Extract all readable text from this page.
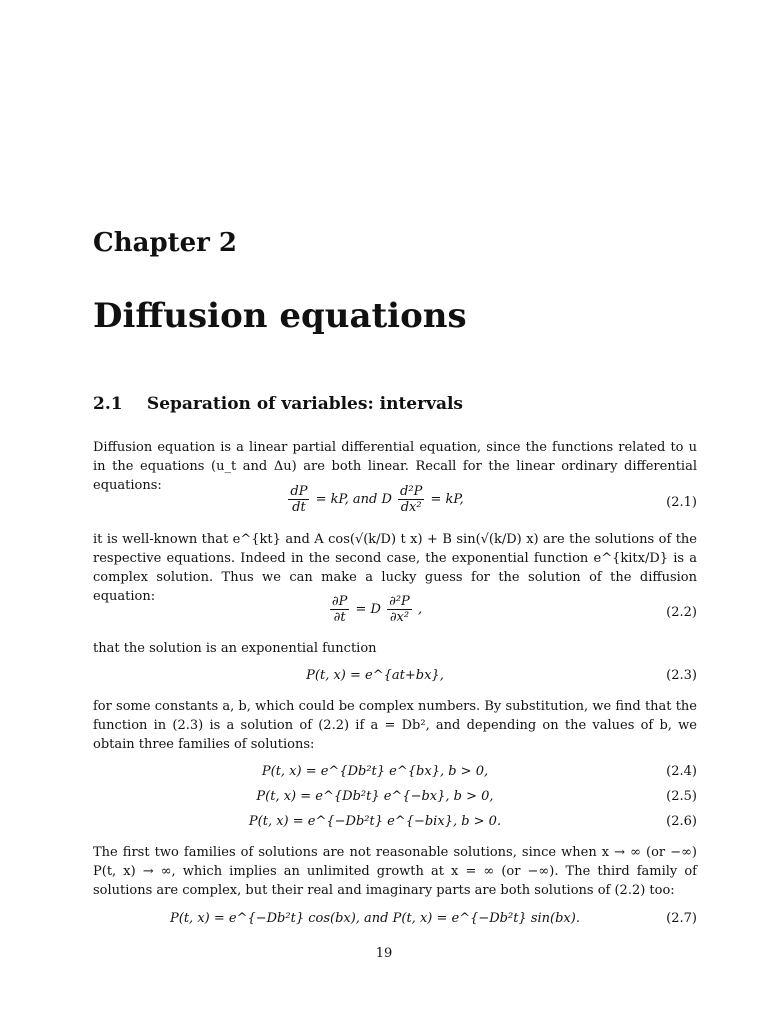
Chapter 2
Diffusion equations
2.1 Separation of variables: intervals
Diffusion equation is a linear partial differential equation, since the functions related to u in the equations (u_t and Δu) are both linear. Recall for the linear ordinary differential equations:	$\frac{dP}{dt}$ = kP, and D $\frac{\text{d²P}}{\text{dx²}}$ = kP,	(2.1)
it is well-known that e^{kt} and A cos(√(k/D) t x) + B sin(√(k/D) x) are the solutions of the respective equations. Indeed in the second case, the exponential function e^{kitx/D} is a complex solution. Thus we can make a lucky guess for the solution of the diffusion equation:	$\frac{\partial P}{\partial t} = D \frac{\text{∂²P}}{\text{∂x²}}$ ,	(2.2)
that the solution is an exponential function
P(t, x) = e^{at+bx},	(2.3)
for some constants a, b, which could be complex numbers. By substitution, we find that the function in (2.3) is a solution of (2.2) if a = Db², and depending on the values of b, we obtain three families of solutions:
P(t, x) = e^{Db²t} e^{bx}, b > 0,	(2.4)
P(t, x) = e^{Db²t} e^{−bx}, b > 0,	(2.5)
P(t, x) = e^{−Db²t} e^{−bix}, b > 0.	(2.6)
The first two families of solutions are not reasonable solutions, since when x → ∞ (or −∞) P(t, x) → ∞, which implies an unlimited growth at x = ∞ (or −∞). The third family of solutions are complex, but their real and imaginary parts are both solutions of (2.2) too:
P(t, x) = e^{−Db²t} cos(bx), and P(t, x) = e^{−Db²t} sin(bx).	(2.7)
19
